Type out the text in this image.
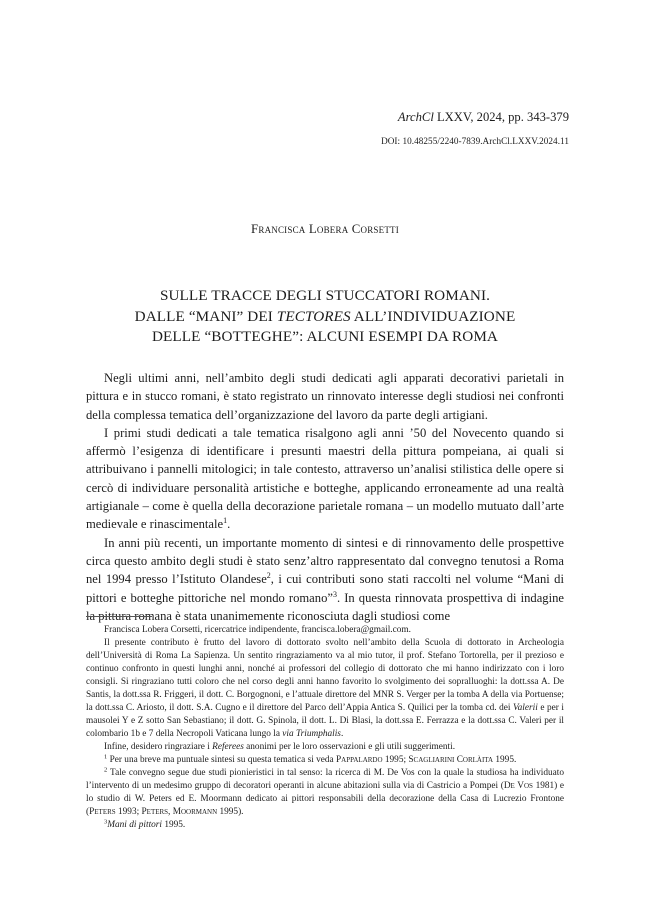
ArchCl LXXV, 2024, pp. 343-379
DOI: 10.48255/2240-7839.ArchCl.LXXV.2024.11
Francisca Lobera Corsetti
SULLE TRACCE DEGLI STUCCATORI ROMANI.
DALLE “MANI” DEI TECTORES ALL’INDIVIDUAZIONE
DELLE “BOTTEGHE”: ALCUNI ESEMPI DA ROMA

Negli ultimi anni, nell’ambito degli studi dedicati agli apparati decorativi parietali in pittura e in stucco romani, è stato registrato un rinnovato interesse degli studiosi nei confronti della complessa tematica dell’organizzazione del lavoro da parte degli artigiani.

I primi studi dedicati a tale tematica risalgono agli anni ’50 del Novecento quando si affermò l’esigenza di identificare i presunti maestri della pittura pompeiana, ai quali si attribuivano i pannelli mitologici; in tale contesto, attraverso un’analisi stilistica delle opere si cercò di individuare personalità artistiche e botteghe, applicando erroneamente ad una realtà artigianale – come è quella della decorazione parietale romana – un modello mutuato dall’arte medievale e rinascimentale$^1$.

In anni più recenti, un importante momento di sintesi e di rinnovamento delle prospettive circa questo ambito degli studi è stato senz’altro rappresentato dal convegno tenutosi a Roma nel 1994 presso l’Istituto Olandese$^2$, i cui contributi sono stati raccolti nel volume “Mani di pittori e botteghe pittoriche nel mondo romano”$^3$. In questa rinnovata prospettiva di indagine la pittura romana è stata unanimemente riconosciuta dagli studiosi come

Francisca Lobera Corsetti, ricercatrice indipendente, francisca.lobera@gmail.com.

Il presente contributo è frutto del lavoro di dottorato svolto nell’ambito della Scuola di dottorato in Archeologia dell’Università di Roma La Sapienza. Un sentito ringraziamento va al mio tutor, il prof. Stefano Tortorella, per il prezioso e continuo confronto in questi lunghi anni, nonché ai professori del collegio di dottorato che mi hanno indirizzato con i loro consigli. Si ringraziano tutti coloro che nel corso degli anni hanno favorito lo svolgimento dei sopralluoghi: la dott.ssa A. De Santis, la dott.ssa R. Friggeri, il dott. C. Borgognoni, e l’attuale direttore del MNR S. Verger per la tomba A della via Portuense; la dott.ssa C. Ariosto, il dott. S.A. Cugno e il direttore del Parco dell’Appia Antica S. Quilici per la tomba cd. dei Valerii e per i mausolei Y e Z sotto San Sebastiano; il dott. G. Spinola, il dott. L. Di Blasi, la dott.ssa E. Ferrazza e la dott.ssa C. Valeri per il colombario 1b e 7 della Necropoli Vaticana lungo la via Triumphalis.

Infine, desidero ringraziare i Referees anonimi per le loro osservazioni e gli utili suggerimenti.

$^1$ Per una breve ma puntuale sintesi su questa tematica si veda Pappalardo 1995; Scagliarini Corlàita 1995.

$^2$ Tale convegno segue due studi pionieristici in tal senso: la ricerca di M. De Vos con la quale la studiosa ha individuato l’intervento di un medesimo gruppo di decoratori operanti in alcune abitazioni sulla via di Castricio a Pompei (De Vos 1981) e lo studio di W. Peters ed E. Moormann dedicato ai pittori responsabili della decorazione della Casa di Lucrezio Frontone (Peters 1993; Peters, Moormann 1995).

$^3$Mani di pittori 1995.
